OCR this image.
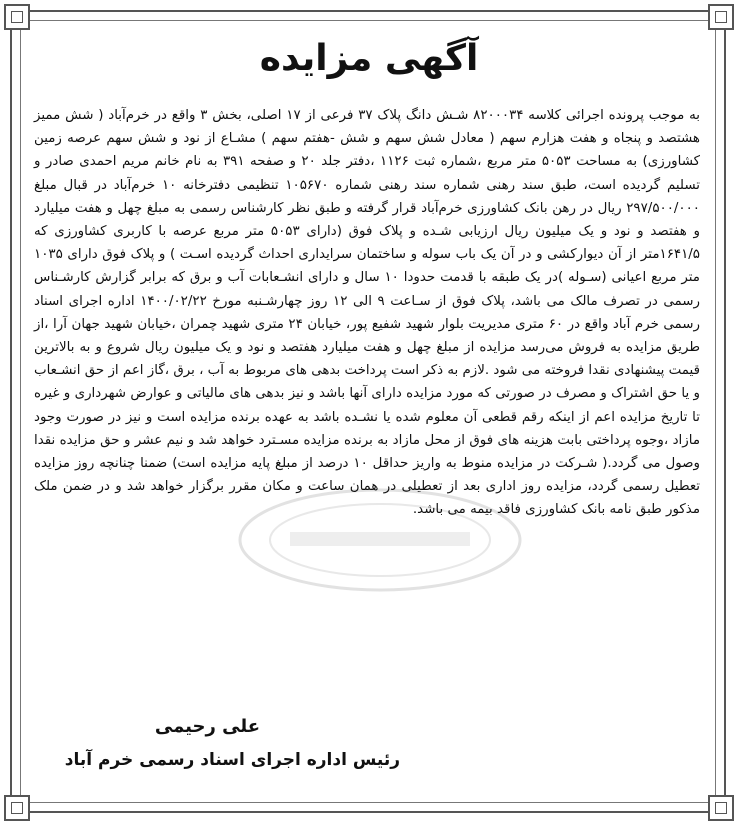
آگهی مزایده

به موجب پرونده اجرائی کلاسه ۸۲۰۰۰۳۴ شـش دانگ پلاک ۳۷ فرعی از ۱۷ اصلی، بخش ۳ واقع در خرم‌آباد ( شش ممیز هشتصد و پنجاه و هفت هزارم سهم ( معادل شش سهم و شش -هفتم سهم ) مشـاع از نود و شش سهم عرصه زمین کشاورزی) به مساحت ۵۰۵۳ متر مربع ،شماره ثبت ۱۱۲۶ ،دفتر جلد ۲۰ و صفحه ۳۹۱ به نام خانم مریم احمدی صادر و تسلیم گردیده است، طبق سند رهنی شماره سند رهنی شماره ۱۰۵۶۷۰ تنظیمی دفترخانه ۱۰ خرم‌آباد در قبال مبلغ ۲۹۷/۵۰۰/۰۰۰ ریال در رهن بانک کشاورزی خرم‌آباد قرار گرفته و طبق نظر کارشناس رسمی به مبلغ چهل و هفت میلیارد و هفتصد و نود و یک میلیون ریال ارزیابی شـده و پلاک فوق (دارای ۵۰۵۳ متر مربع عرصه با کاربری کشاورزی که ۱۶۴۱/۵متر از آن دیوارکشی و در آن یک باب سوله و ساختمان سرایداری احداث گردیده اسـت ) و پلاک فوق دارای ۱۰۳۵ متر مربع اعیانی (سـوله )در یک طبقه با قدمت حدودا ۱۰ سال و دارای انشـعابات آب و برق که برابر گزارش کارشـناس رسمی در تصرف مالک می باشد، پلاک فوق از سـاعت ۹ الی ۱۲ روز چهارشـنبه مورخ ۱۴۰۰/۰۲/۲۲ اداره اجرای اسناد رسمی خرم آباد واقع در ۶۰ متری مدیریت بلوار شهید شفیع پور، خیابان ۲۴ متری شهید چمران ،خیابان شهید جهان آرا ،از طریق مزایده به فروش می‌رسد مزایده از مبلغ چهل و هفت میلیارد هفتصد و نود و یک میلیون ریال شروع و به بالاترین قیمت پیشنهادی نقدا فروخته می شود .لازم به ذکر است پرداخت بدهی های مربوط به آب ، برق ،گاز اعم از حق انشـعاب و یا حق اشتراک و مصرف در صورتی که مورد مزایده دارای آنها باشد و نیز بدهی های مالیاتی و عوارض شهرداری و غیره تا تاریخ مزایده اعم از اینکه رقم قطعی آن معلوم شده یا نشـده باشد به عهده برنده مزایده است و نیز در صورت وجود مازاد ،وجوه پرداختی بابت هزینه های فوق از محل مازاد به برنده مزایده مسـترد خواهد شد و نیم عشر و حق مزایده نقدا وصول می گردد.( شـرکت در مزایده منوط به واریز حداقل ۱۰ درصد از مبلغ پایه مزایده است) ضمنا چنانچه روز مزایده تعطیل رسمی گردد، مزایده روز اداری بعد از تعطیلی در همان ساعت و مکان مقرر برگزار خواهد شد و در ضمن ملک مذکور طبق نامه بانک کشاورزی فاقد بیمه می باشد.

علی رحیمی

رئیس اداره اجرای اسناد رسمی خرم آباد
